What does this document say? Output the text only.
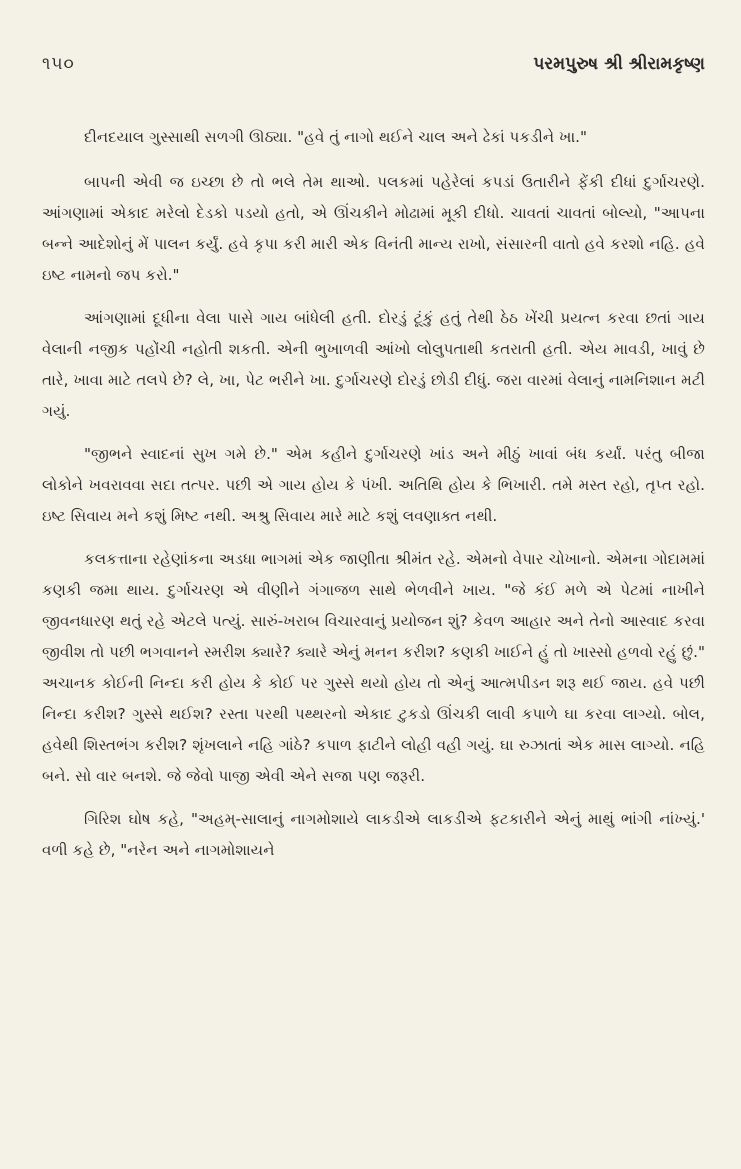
૧૫૦	પરમપુરુષ શ્રી શ્રીરામકૃષ્ણ

દીનદયાલ ગુસ્સાથી સળગી ઊઠ્યા. "હવે તું નાગો થઈને ચાલ અને ઢેકાં પકડીને ખા."

બાપની એવી જ ઇચ્છા છે તો ભલે તેમ થાઓ. પલકમાં પહેરેલાં કપડાં ઉતારીને ફેંકી દીધાં દુર્ગાચરણે. આંગણામાં એકાદ મરેલો દેડકો પડયો હતો, એ ઊંચકીને મોઢામાં મૂકી દીધો. ચાવતાં ચાવતાં બોલ્યો, "આપના બન્ને આદેશોનું મેં પાલન કર્યું. હવે કૃપા કરી મારી એક વિનંતી માન્ય રાખો, સંસારની વાતો હવે કરશો નહિ. હવે ઇષ્ટ નામનો જપ કરો."

આંગણામાં દૂધીના વેલા પાસે ગાય બાંધેલી હતી. દોરડું ટૂંકું હતું તેથી ઠેઠ ખેંચી પ્રયત્ન કરવા છતાં ગાય વેલાની નજીક પહોંચી નહોતી શકતી. એની ભુખાળવી આંખો લોલુપતાથી કતરાતી હતી. એય માવડી, ખાવું છે તારે, ખાવા માટે તલપે છે? લે, ખા, પેટ ભરીને ખા. દુર્ગાચરણે દોરડું છોડી દીધું. જરા વારમાં વેલાનું નામનિશાન મટી ગયું.

"જીભને સ્વાદનાં સુખ ગમે છે." એમ કહીને દુર્ગાચરણે ખાંડ અને મીઠું ખાવાં બંધ કર્યાં. પરંતુ બીજા લોકોને ખવરાવવા સદા તત્પર. પછી એ ગાય હોય કે પંખી. અતિથિ હોય કે ભિખારી. તમે મસ્ત રહો, તૃપ્ત રહો. ઇષ્ટ સિવાય મને કશું મિષ્ટ નથી. અશ્રુ સિવાય મારે માટે કશું લવણાક્ત નથી.

કલકત્તાના રહેણાંકના અડધા ભાગમાં એક જાણીતા શ્રીમંત રહે. એમનો વેપાર ચોખાનો. એમના ગોદામમાં કણકી જમા થાય. દુર્ગાચરણ એ વીણીને ગંગાજળ સાથે ભેળવીને ખાય. "જે કંઈ મળે એ પેટમાં નાખીને જીવનધારણ થતું રહે એટલે પત્યું. સારું-ખરાબ વિચારવાનું પ્રયોજન શું? કેવળ આહાર અને તેનો આસ્વાદ કરવા જીવીશ તો પછી ભગવાનને સ્મરીશ ક્યારે? ક્યારે એનું મનન કરીશ? કણકી ખાઈને હું તો ખાસ્સો હળવો રહું છું." અચાનક કોઈની નિન્દા કરી હોય કે કોઈ પર ગુસ્સે થયો હોય તો એનું આત્મપીડન શરૂ થઈ જાય. હવે પછી નિન્દા કરીશ? ગુસ્સે થઈશ? રસ્તા પરથી પથ્થરનો એકાદ ટુકડો ઊંચકી લાવી કપાળે ઘા કરવા લાગ્યો. બોલ, હવેથી શિસ્તભંગ કરીશ? શૃંખલાને નહિ ગાંઠે? કપાળ ફાટીને લોહી વહી ગયું. ઘા રુઝાતાં એક માસ લાગ્યો. નહિ બને. સો વાર બનશે. જે જેવો પાજી એવી એને સજા પણ જરૂરી.

ગિરિશ ઘોષ કહે, "અહમ્-સાલાનું નાગમોશાયે લાકડીએ લાકડીએ ફટકારીને એનું માથું ભાંગી નાંખ્યું.' વળી કહે છે, "નરેન અને નાગમોશાયને
